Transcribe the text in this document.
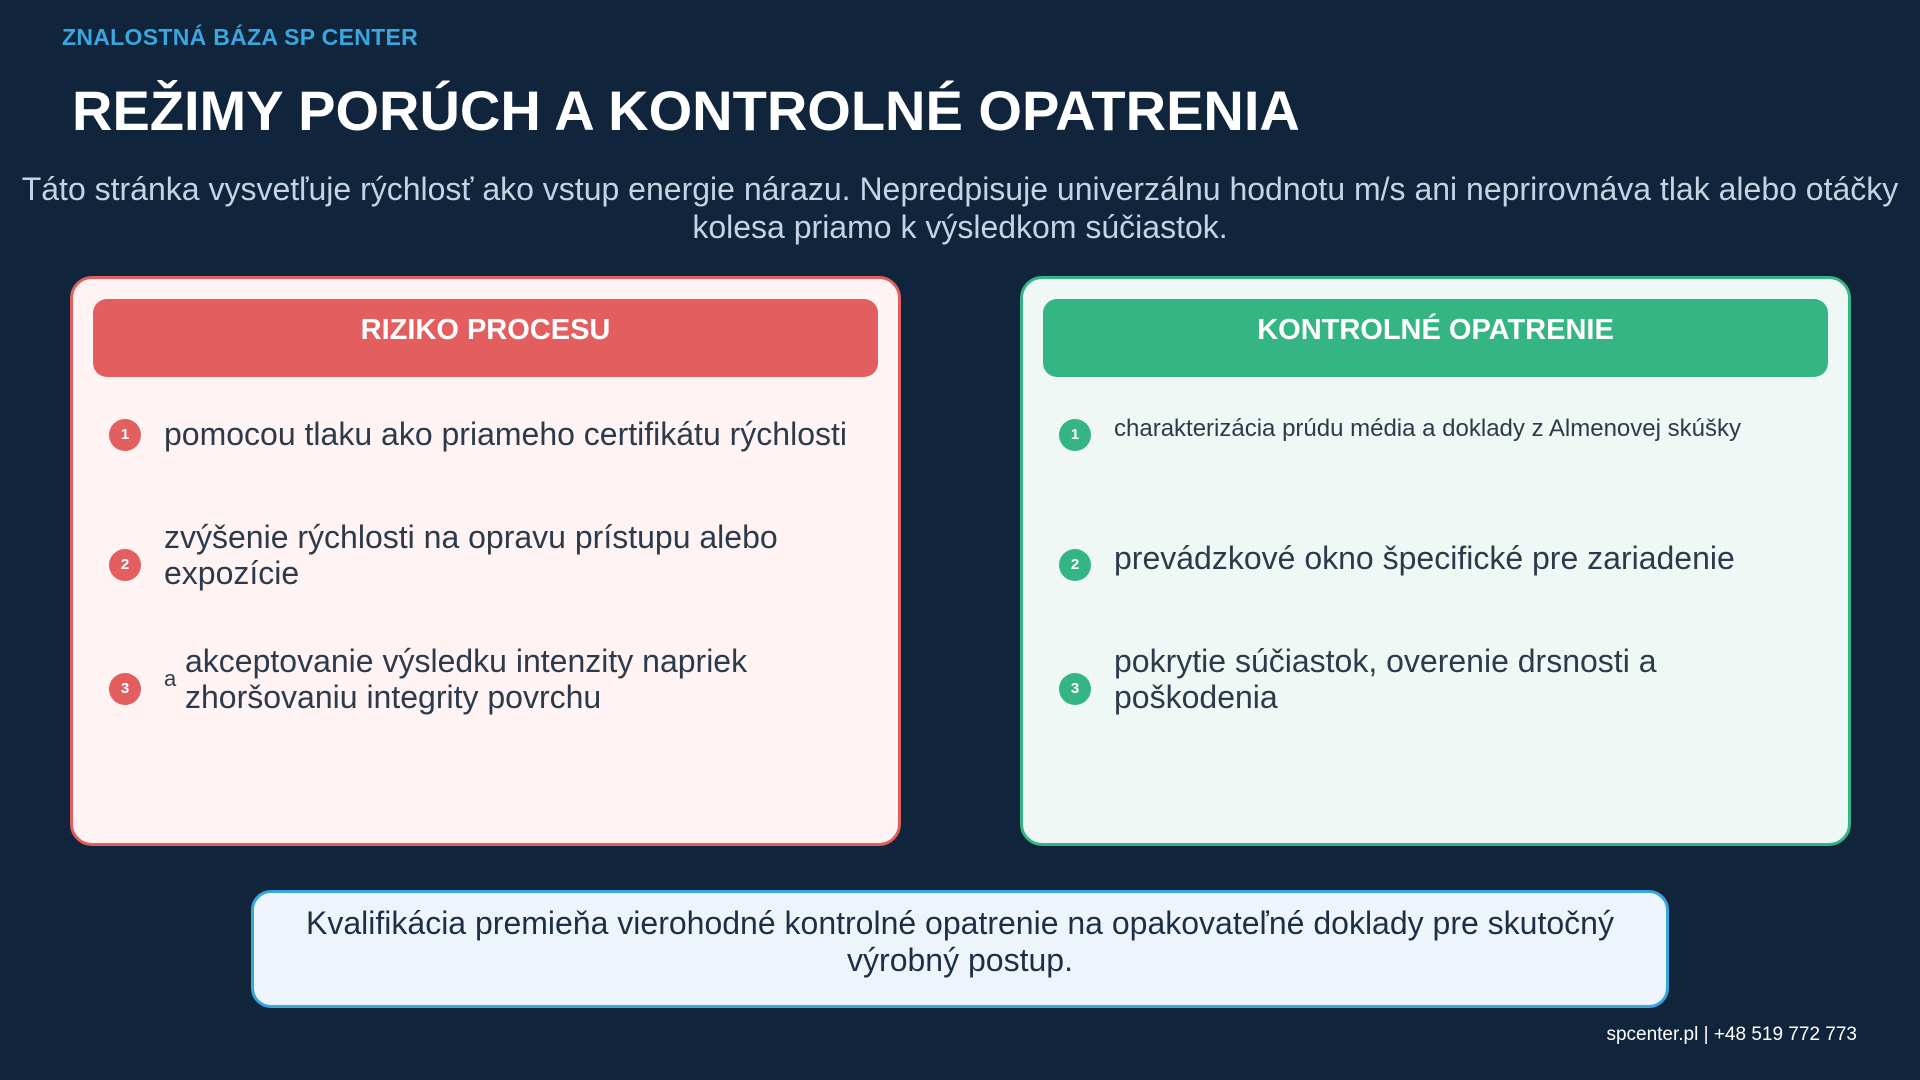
ZNALOSTNÁ BÁZA SP CENTER
REŽIMY PORÚCH A KONTROLNÉ OPATRENIA
Táto stránka vysvetľuje rýchlosť ako vstup energie nárazu. Nepredpisuje univerzálnu hodnotu m/s ani neprirovnáva tlak alebo otáčky kolesa priamo k výsledkom súčiastok.
RIZIKO PROCESU
1	pomocou tlaku ako priameho certifikátu rýchlosti
2
zvýšenie rýchlosti na opravu prístupu alebo expozície
3	a akceptovanie výsledku intenzity napriek zhoršovaniu integrity povrchu
KONTROLNÉ OPATRENIE
1	charakterizácia prúdu média a doklady z Almenovej skúšky
2	prevádzkové okno špecifické pre zariadenie
3
pokrytie súčiastok, overenie drsnosti a poškodenia
Kvalifikácia premieňa vierohodné kontrolné opatrenie na opakovateľné doklady pre skutočný výrobný postup.
spcenter.pl | +48 519 772 773
